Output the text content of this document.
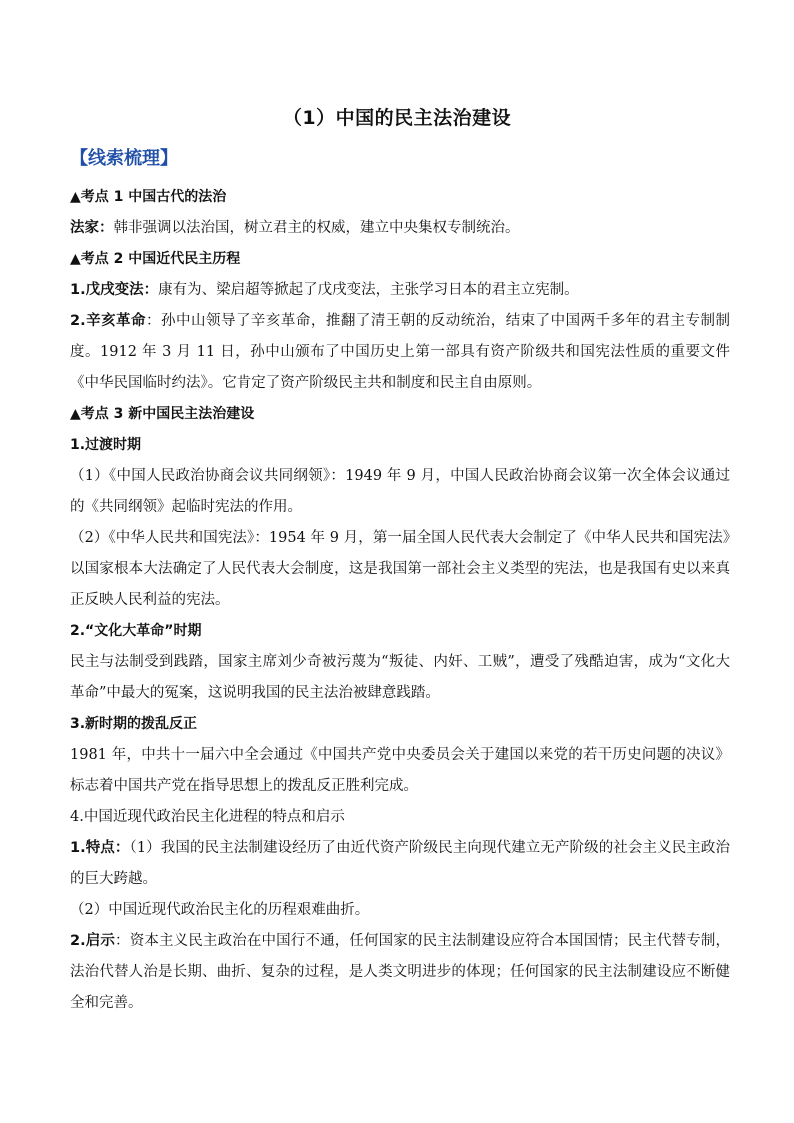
（1）中国的民主法治建设
【线索梳理】
▲考点 1 中国古代的法治
法家：韩非强调以法治国，树立君主的权威，建立中央集权专制统治。
▲考点 2 中国近代民主历程
1.戊戌变法：康有为、梁启超等掀起了戊戌变法，主张学习日本的君主立宪制。
2.辛亥革命：孙中山领导了辛亥革命，推翻了清王朝的反动统治，结束了中国两千多年的君主专制制度。1912 年 3 月 11 日，孙中山颁布了中国历史上第一部具有资产阶级共和国宪法性质的重要文件《中华民国临时约法》。它肯定了资产阶级民主共和制度和民主自由原则。
▲考点 3 新中国民主法治建设
1.过渡时期
（1）《中国人民政治协商会议共同纲领》：1949 年 9 月，中国人民政治协商会议第一次全体会议通过的《共同纲领》起临时宪法的作用。
（2）《中华人民共和国宪法》：1954 年 9 月，第一届全国人民代表大会制定了《中华人民共和国宪法》以国家根本大法确定了人民代表大会制度，这是我国第一部社会主义类型的宪法，也是我国有史以来真正反映人民利益的宪法。
2.“文化大革命”时期
民主与法制受到践踏，国家主席刘少奇被污蔑为“叛徒、内奸、工贼”，遭受了残酷迫害，成为“文化大革命”中最大的冤案，这说明我国的民主法治被肆意践踏。
3.新时期的拨乱反正
1981 年，中共十一届六中全会通过《中国共产党中央委员会关于建国以来党的若干历史问题的决议》标志着中国共产党在指导思想上的拨乱反正胜利完成。
4.中国近现代政治民主化进程的特点和启示
1.特点：（1）我国的民主法制建设经历了由近代资产阶级民主向现代建立无产阶级的社会主义民主政治的巨大跨越。
（2）中国近现代政治民主化的历程艰难曲折。
2.启示：资本主义民主政治在中国行不通，任何国家的民主法制建设应符合本国国情；民主代替专制，法治代替人治是长期、曲折、复杂的过程，是人类文明进步的体现；任何国家的民主法制建设应不断健全和完善。
